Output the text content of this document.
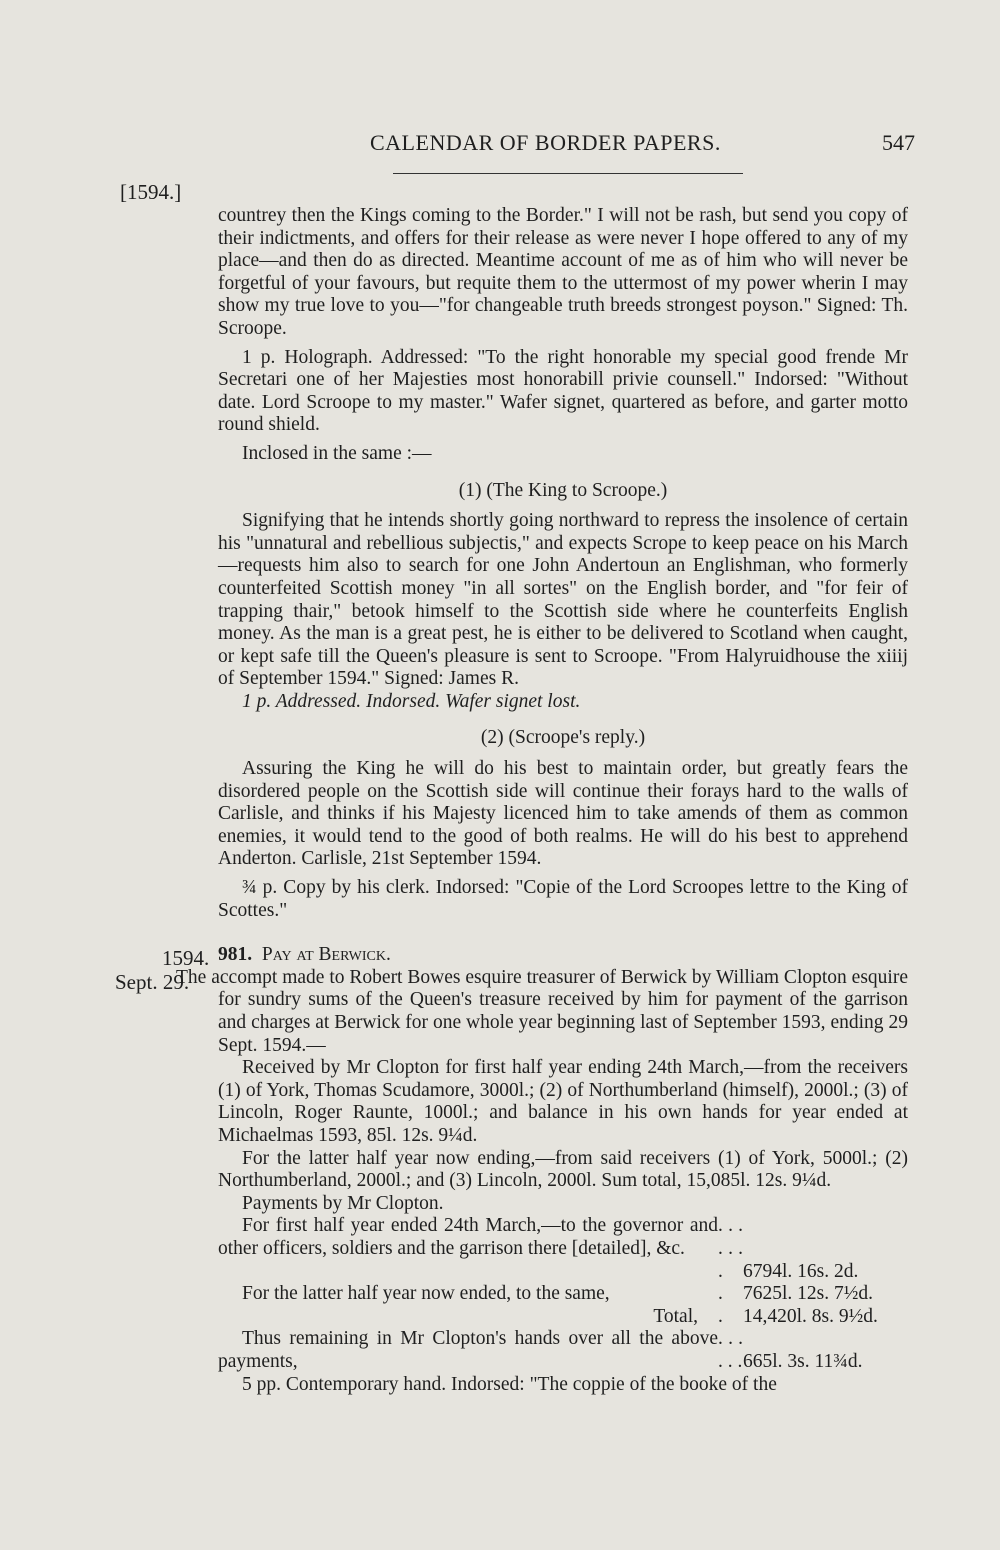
CALENDAR OF BORDER PAPERS.	547
[1594.]
1594.
Sept. 29.

countrey then the Kings coming to the Border." I will not be rash, but send you copy of their indictments, and offers for their release as were never I hope offered to any of my place—and then do as directed. Meantime account of me as of him who will never be forgetful of your favours, but requite them to the uttermost of my power wherin I may show my true love to you—"for changeable truth breeds strongest poyson." Signed: Th. Scroope.

1 p. Holograph. Addressed: "To the right honorable my special good frende Mr Secretari one of her Majesties most honorabill privie counsell." Indorsed: "Without date. Lord Scroope to my master." Wafer signet, quartered as before, and garter motto round shield.

Inclosed in the same :—

(1) (The King to Scroope.)

Signifying that he intends shortly going northward to repress the insolence of certain his "unnatural and rebellious subjectis," and expects Scrope to keep peace on his March—requests him also to search for one John Andertoun an Englishman, who formerly counterfeited Scottish money "in all sortes" on the English border, and "for feir of trapping thair," betook himself to the Scottish side where he counterfeits English money. As the man is a great pest, he is either to be delivered to Scotland when caught, or kept safe till the Queen's pleasure is sent to Scroope. "From Halyruidhouse the xiiij of September 1594." Signed: James R.

1 p. Addressed. Indorsed. Wafer signet lost.

(2) (Scroope's reply.)

Assuring the King he will do his best to maintain order, but greatly fears the disordered people on the Scottish side will continue their forays hard to the walls of Carlisle, and thinks if his Majesty licenced him to take amends of them as common enemies, it would tend to the good of both realms. He will do his best to apprehend Anderton. Carlisle, 21st September 1594.

¾ p. Copy by his clerk. Indorsed: "Copie of the Lord Scroopes lettre to the King of Scottes."

981. Pay at Berwick.

The accompt made to Robert Bowes esquire treasurer of Berwick by William Clopton esquire for sundry sums of the Queen's treasure received by him for payment of the garrison and charges at Berwick for one whole year beginning last of September 1593, ending 29 Sept. 1594.—

Received by Mr Clopton for first half year ending 24th March,—from the receivers (1) of York, Thomas Scudamore, 3000l.; (2) of Northumberland (himself), 2000l.; (3) of Lincoln, Roger Raunte, 1000l.; and balance in his own hands for year ended at Michaelmas 1593, 85l. 12s. 9¼d.

For the latter half year now ending,—from said receivers (1) of York, 5000l.; (2) Northumberland, 2000l.; and (3) Lincoln, 2000l. Sum total, 15,085l. 12s. 9¼d.

Payments by Mr Clopton.

For first half year ended 24th March,—to the governor and other officers, soldiers and the garrison there [detailed], &c.
. . . . . . .	6794l. 16s. 2d.
For the latter half year now ended, to the same,	.	7625l. 12s. 7½d.
Total,	.	14,420l. 8s. 9½d.
Thus remaining in Mr Clopton's hands over all the above payments,
. . . . . . 665l. 3s. 11¾d.

5 pp. Contemporary hand. Indorsed: "The coppie of the booke of the
